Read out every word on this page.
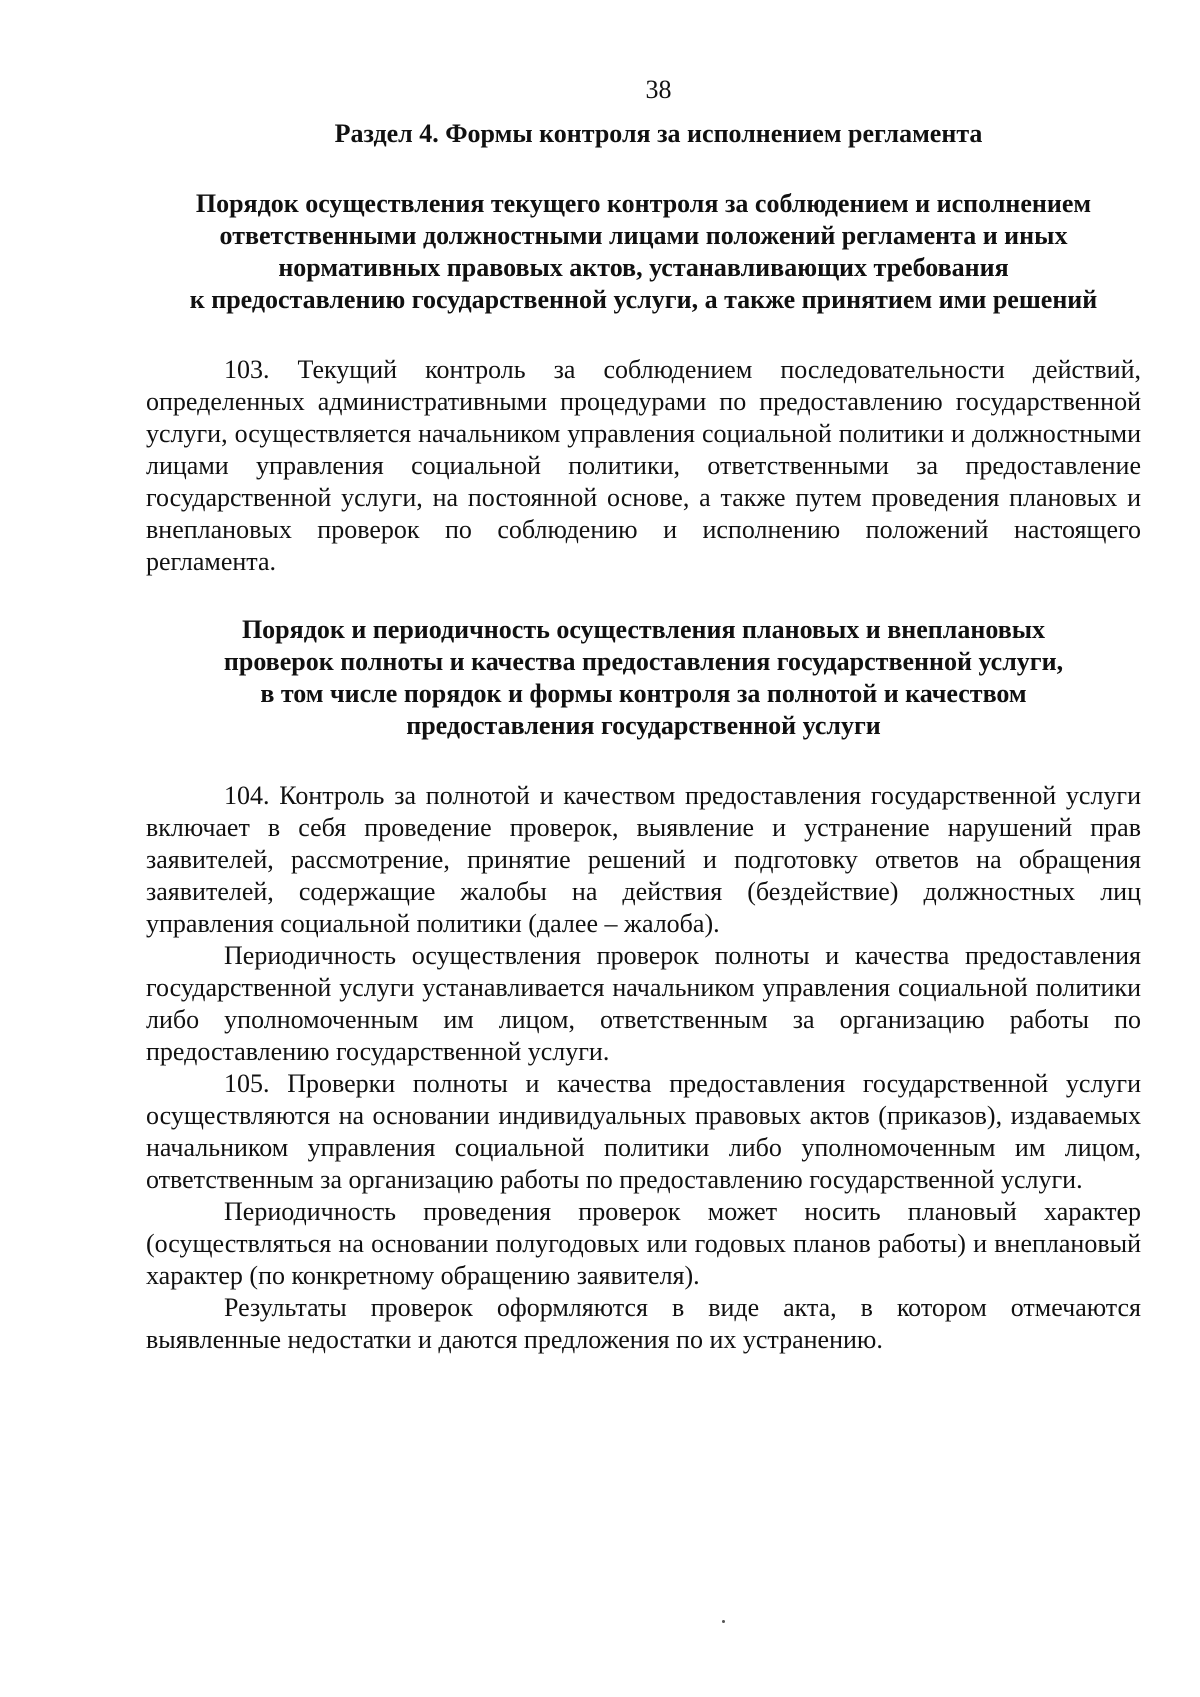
38

Раздел 4. Формы контроля за исполнением регламента

Порядок осуществления текущего контроля за соблюдением и исполнением
ответственными должностными лицами положений регламента и иных
нормативных правовых актов, устанавливающих требования
к предоставлению государственной услуги, а также принятием ими решений

103. Текущий контроль за соблюдением последовательности действий, определенных административными процедурами по предоставлению государственной услуги, осуществляется начальником управления социальной политики и должностными лицами управления социальной политики, ответственными за предоставление государственной услуги, на постоянной основе, а также путем проведения плановых и внеплановых проверок по соблюдению и исполнению положений настоящего регламента.

Порядок и периодичность осуществления плановых и внеплановых
проверок полноты и качества предоставления государственной услуги,
в том числе порядок и формы контроля за полнотой и качеством
предоставления государственной услуги

104. Контроль за полнотой и качеством предоставления государственной услуги включает в себя проведение проверок, выявление и устранение нарушений прав заявителей, рассмотрение, принятие решений и подготовку ответов на обращения заявителей, содержащие жалобы на действия (бездействие) должностных лиц управления социальной политики (далее – жалоба).

Периодичность осуществления проверок полноты и качества предоставления государственной услуги устанавливается начальником управления социальной политики либо уполномоченным им лицом, ответственным за организацию работы по предоставлению государственной услуги.

105. Проверки полноты и качества предоставления государственной услуги осуществляются на основании индивидуальных правовых актов (приказов), издаваемых начальником управления социальной политики либо уполномоченным им лицом, ответственным за организацию работы по предоставлению государственной услуги.

Периодичность проведения проверок может носить плановый характер (осуществляться на основании полугодовых или годовых планов работы) и внеплановый характер (по конкретному обращению заявителя).

Результаты проверок оформляются в виде акта, в котором отмечаются выявленные недостатки и даются предложения по их устранению.
